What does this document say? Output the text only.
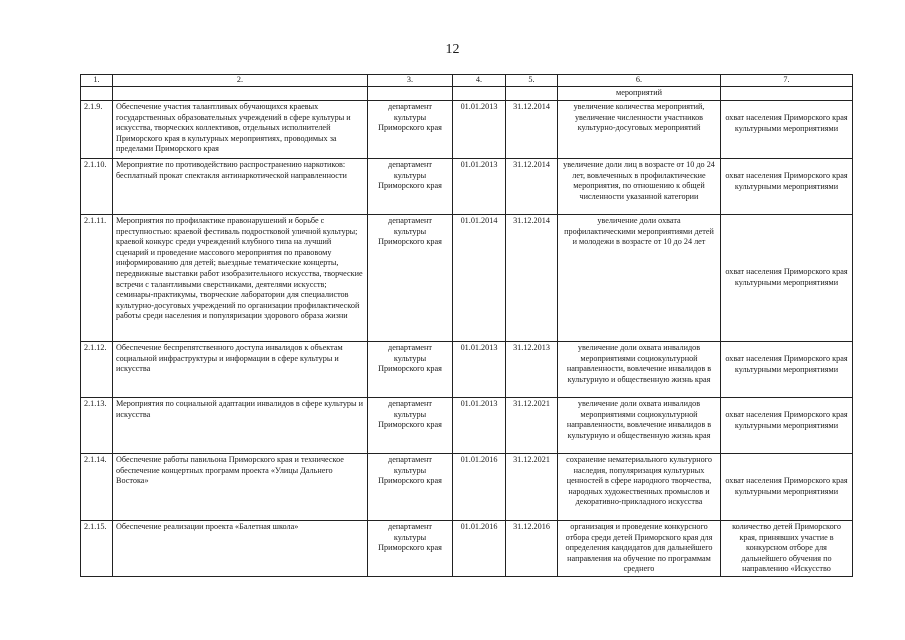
12
1.	2.	3.	4.	5.	6.	7.
					мероприятий	
2.1.9.	Обеспечение участия талантливых обучающихся краевых государственных образовательных учреждений в сфере культуры и искусства, творческих коллективов, отдельных исполнителей Приморского края в культурных мероприятиях, проводимых за пределами Приморского края	департамент культуры Приморского края	01.01.2013	31.12.2014	увеличение количества мероприятий, увеличение численности участников культурно-досуговых мероприятий	охват населения Приморского края культурными мероприятиями
2.1.10.	Мероприятие по противодействию распространению наркотиков: бесплатный прокат спектакля антинаркотической направленности	департамент культуры Приморского края	01.01.2013	31.12.2014	увеличение доли лиц в возрасте от 10 до 24 лет, вовлеченных в профилактические мероприятия, по отношению к общей численности указанной категории	охват населения Приморского края культурными мероприятиями
2.1.11.	Мероприятия по профилактике правонарушений и борьбе с преступностью: краевой фестиваль подростковой уличной культуры; краевой конкурс среди учреждений клубного типа на лучший сценарий и проведение массового мероприятия по правовому информированию для детей; выездные тематические концерты, передвижные выставки работ изобразительного искусства, творческие встречи с талантливыми сверстниками, деятелями искусств; семинары-практикумы, творческие лаборатории для специалистов культурно-досуговых учреждений по организации профилактической работы среди населения и популяризации здорового образа жизни	департамент культуры Приморского края	01.01.2014	31.12.2014	увеличение доли охвата профилактическими мероприятиями детей и молодежи в возрасте от 10 до 24 лет	охват населения Приморского края культурными мероприятиями
2.1.12.	Обеспечение беспрепятственного доступа инвалидов к объектам социальной инфраструктуры и информации в сфере культуры и искусства	департамент культуры Приморского края	01.01.2013	31.12.2013	увеличение доли охвата инвалидов мероприятиями социокультурной направленности, вовлечение инвалидов в культурную и общественную жизнь края	охват населения Приморского края культурными мероприятиями
2.1.13.	Мероприятия по социальной адаптации инвалидов в сфере культуры и искусства	департамент культуры Приморского края	01.01.2013	31.12.2021	увеличение доли охвата инвалидов мероприятиями социокультурной направленности, вовлечение инвалидов в культурную и общественную жизнь края	охват населения Приморского края культурными мероприятиями
2.1.14.	Обеспечение работы павильона Приморского края и техническое обеспечение концертных программ проекта «Улицы Дальнего Востока»	департамент культуры Приморского края	01.01.2016	31.12.2021	сохранение нематериального культурного наследия, популяризация культурных ценностей в сфере народного творчества, народных художественных промыслов и декоративно-прикладного искусства	охват населения Приморского края культурными мероприятиями
2.1.15.	Обеспечение реализации проекта «Балетная школа»	департамент культуры Приморского края	01.01.2016	31.12.2016	организация и проведение конкурсного отбора среди детей Приморского края для определения кандидатов для дальнейшего направления на обучение по программам среднего	количество детей Приморского края, принявших участие в конкурсном отборе для дальнейшего обучения по направлению «Искусство
